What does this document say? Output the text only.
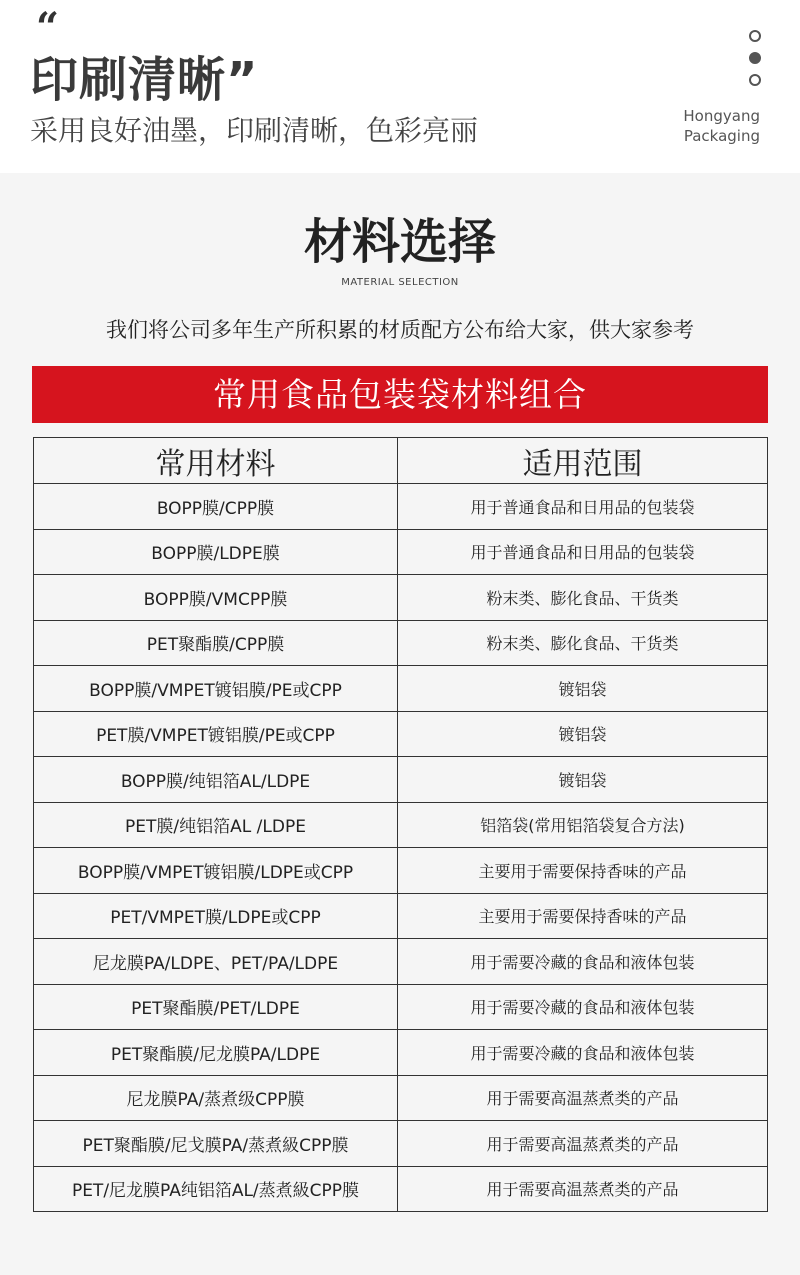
“
印刷清晰”
采用良好油墨，印刷清晰，色彩亮丽	Hongyang
Packaging
材料选择
MATERIAL SELECTION
我们将公司多年生产所积累的材质配方公布给大家，供大家参考
常用食品包装袋材料组合
常用材料	适用范围
BOPP膜/CPP膜	用于普通食品和日用品的包装袋
BOPP膜/LDPE膜	用于普通食品和日用品的包装袋
BOPP膜/VMCPP膜	粉末类、膨化食品、干货类
PET聚酯膜/CPP膜	粉末类、膨化食品、干货类
BOPP膜/VMPET镀铝膜/PE或CPP	镀铝袋
PET膜/VMPET镀铝膜/PE或CPP	镀铝袋
BOPP膜/纯铝箔AL/LDPE	镀铝袋
PET膜/纯铝箔AL /LDPE	铝箔袋(常用铝箔袋复合方法)
BOPP膜/VMPET镀铝膜/LDPE或CPP	主要用于需要保持香味的产品
PET/VMPET膜/LDPE或CPP	主要用于需要保持香味的产品
尼龙膜PA/LDPE、PET/PA/LDPE	用于需要冷藏的食品和液体包装
PET聚酯膜/PET/LDPE	用于需要冷藏的食品和液体包装
PET聚酯膜/尼龙膜PA/LDPE	用于需要冷藏的食品和液体包装
尼龙膜PA/蒸煮级CPP膜	用于需要高温蒸煮类的产品
PET聚酯膜/尼戈膜PA/蒸煮級CPP膜	用于需要高温蒸煮类的产品
PET/尼龙膜PA纯铝箔AL/蒸煮級CPP膜	用于需要高温蒸煮类的产品
